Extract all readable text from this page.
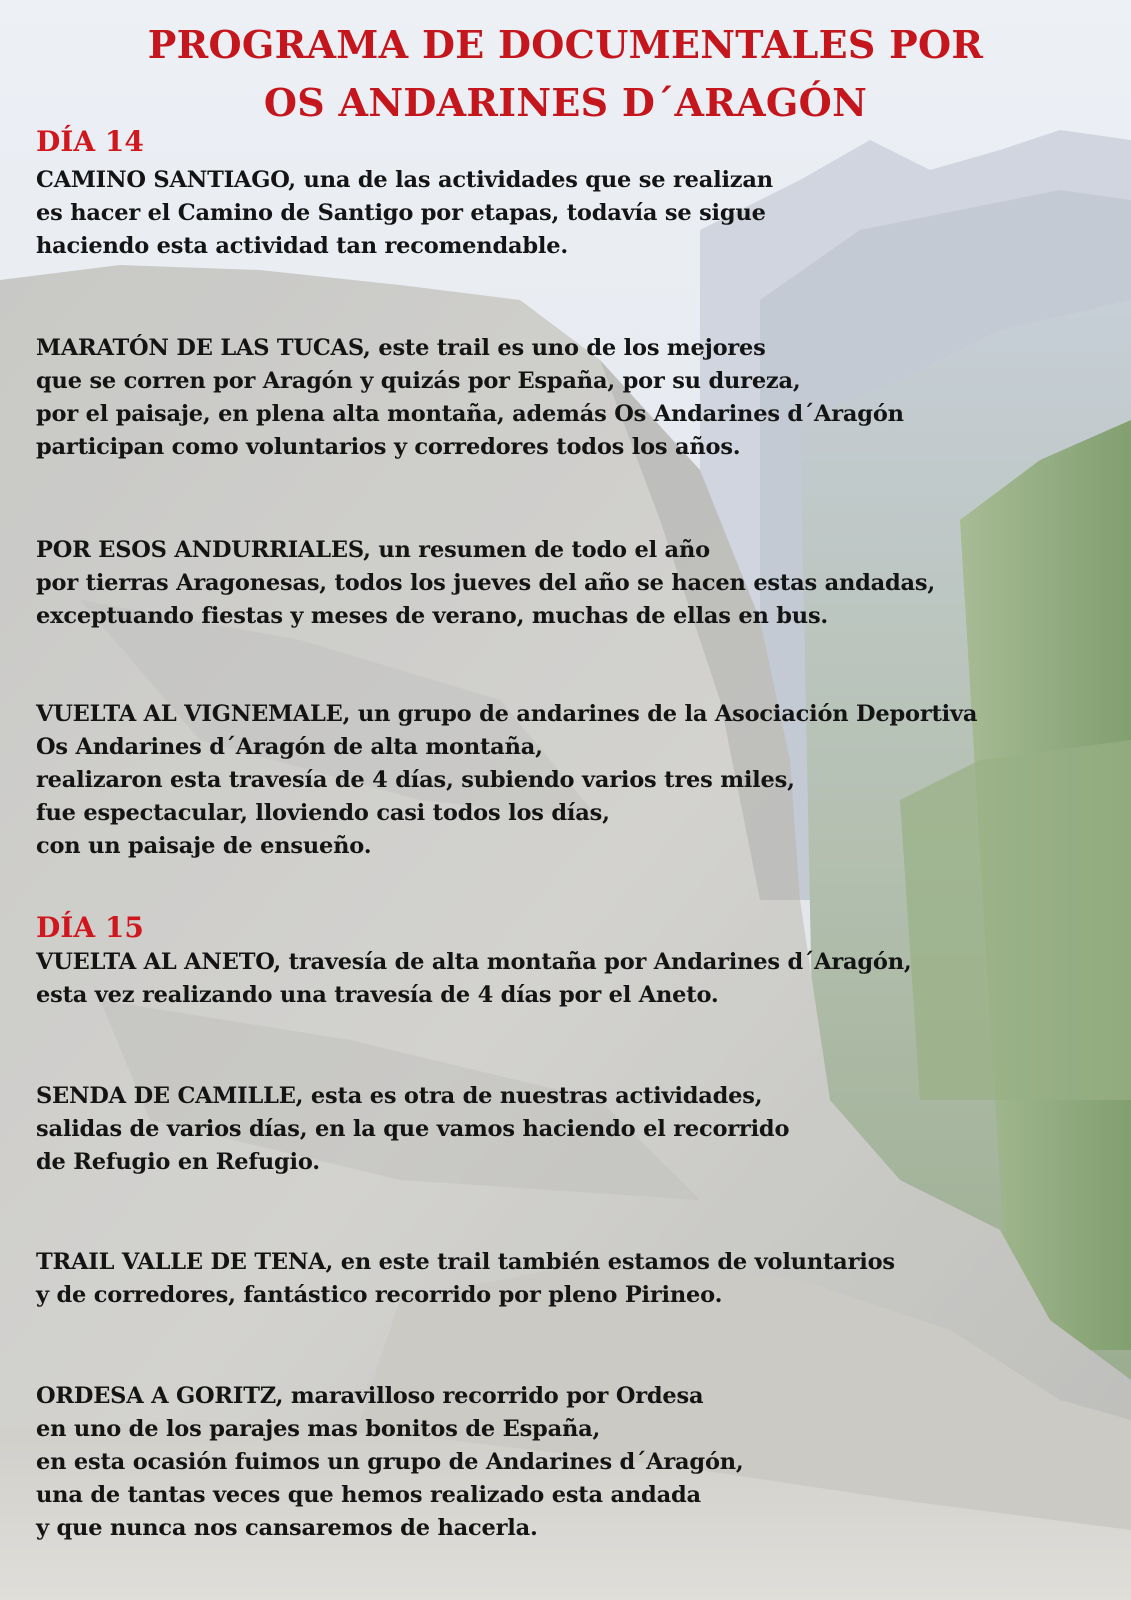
PROGRAMA DE DOCUMENTALES POR
OS ANDARINES D´ARAGÓN
DÍA 14

CAMINO SANTIAGO, una de las actividades que se realizan
es hacer el Camino de Santigo por etapas, todavía se sigue
haciendo esta actividad tan recomendable.

MARATÓN DE LAS TUCAS, este trail es uno de los mejores
que se corren por Aragón y quizás por España, por su dureza,
por el paisaje, en plena alta montaña, además Os Andarines d´Aragón
participan como voluntarios y corredores todos los años.

POR ESOS ANDURRIALES, un resumen de todo el año
por tierras Aragonesas, todos los jueves del año se hacen estas andadas,
exceptuando fiestas y meses de verano, muchas de ellas en bus.

VUELTA AL VIGNEMALE, un grupo de andarines de la Asociación Deportiva
Os Andarines d´Aragón de alta montaña,
realizaron esta travesía de 4 días, subiendo varios tres miles,
fue espectacular, lloviendo casi todos los días,
con un paisaje de ensueño.

DÍA 15

VUELTA AL ANETO, travesía de alta montaña por Andarines d´Aragón,
esta vez realizando una travesía de 4 días por el Aneto.

SENDA DE CAMILLE, esta es otra de nuestras actividades,
salidas de varios días, en la que vamos haciendo el recorrido
de Refugio en Refugio.

TRAIL VALLE DE TENA, en este trail también estamos de voluntarios
y de corredores, fantástico recorrido por pleno Pirineo.

ORDESA A GORITZ, maravilloso recorrido por Ordesa
en uno de los parajes mas bonitos de España,
en esta ocasión fuimos un grupo de Andarines d´Aragón,
una de tantas veces que hemos realizado esta andada
y que nunca nos cansaremos de hacerla.
